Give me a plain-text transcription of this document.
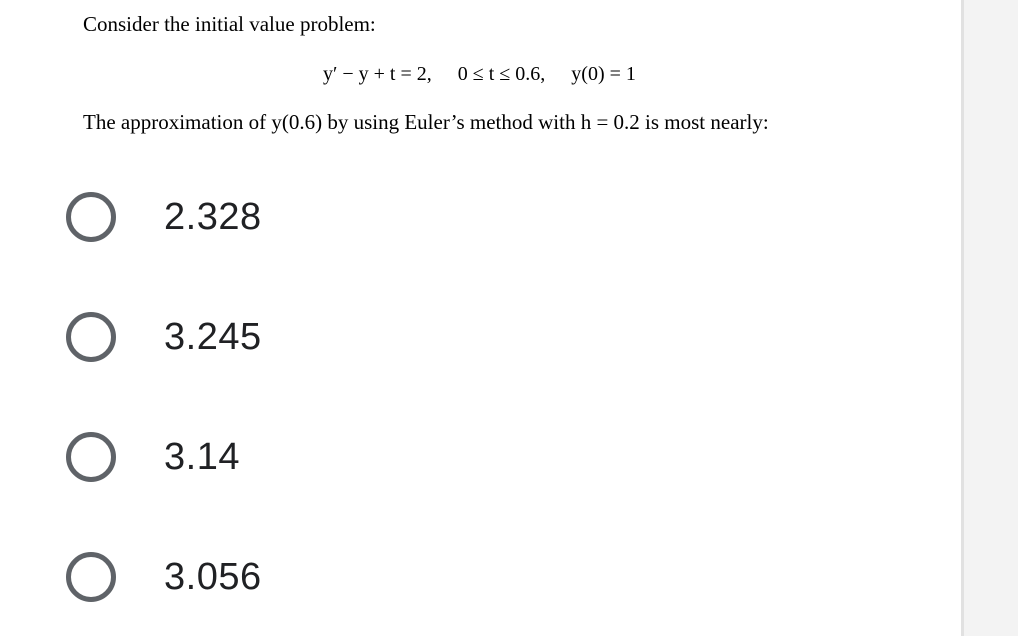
Consider the initial value problem:
y′ − y + t = 2, 0 ≤ t ≤ 0.6, y(0) = 1
The approximation of y(0.6) by using Euler’s method with h = 0.2 is most nearly:
2.328
3.245
3.14
3.056
